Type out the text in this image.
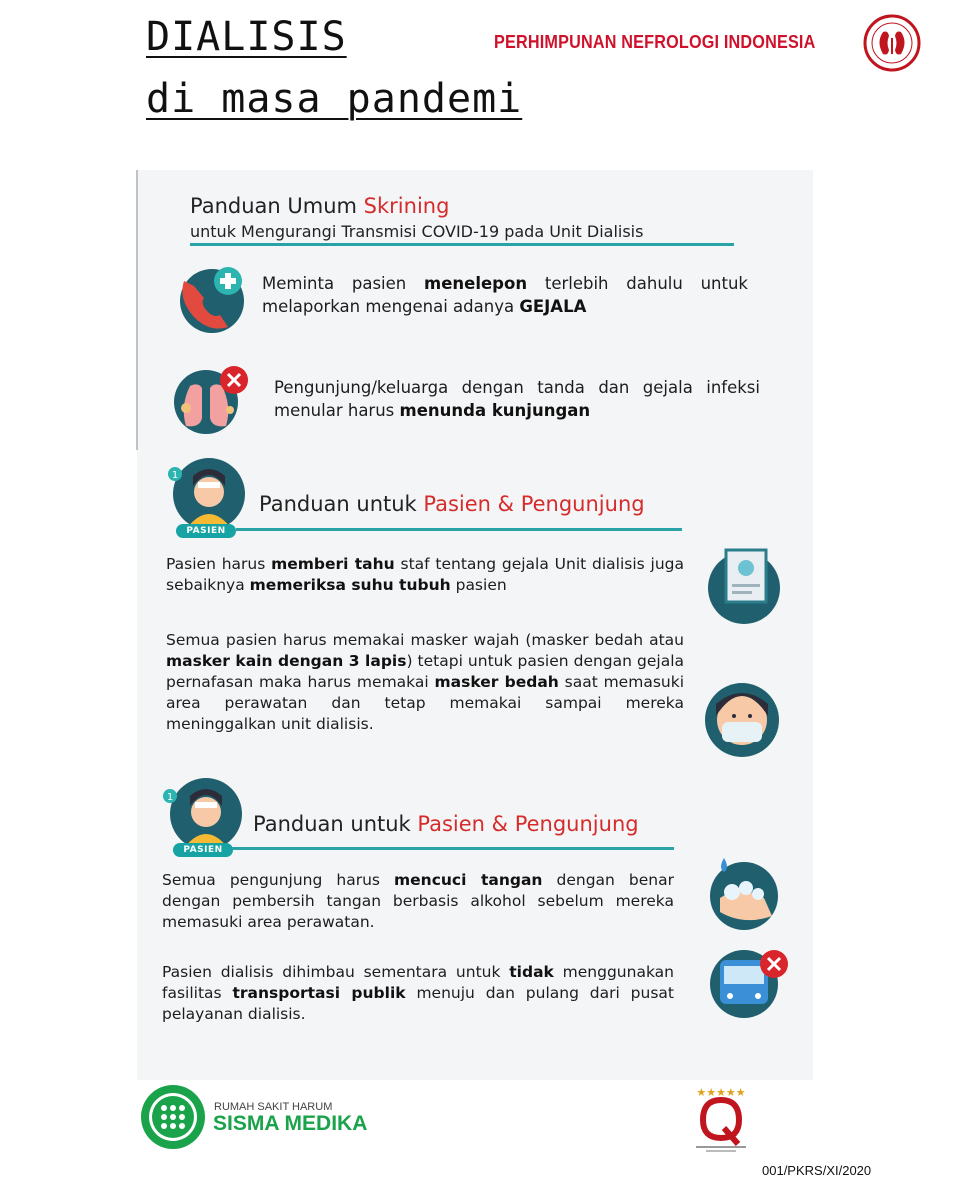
DIALISIS
di masa pandemi
PERHIMPUNAN NEFROLOGI INDONESIA
Panduan Umum Skrining
untuk Mengurangi Transmisi COVID-19 pada Unit Dialisis
Meminta pasien menelepon terlebih dahulu untuk melaporkan mengenai adanya GEJALA
Pengunjung/keluarga dengan tanda dan gejala infeksi menular harus menunda kunjungan
1
PASIEN
Panduan untuk Pasien & Pengunjung
Pasien harus memberi tahu staf tentang gejala Unit dialisis juga sebaiknya memeriksa suhu tubuh pasien
Semua pasien harus memakai masker wajah (masker bedah atau masker kain dengan 3 lapis) tetapi untuk pasien dengan gejala pernafasan maka harus memakai masker bedah saat memasuki area perawatan dan tetap memakai sampai mereka meninggalkan unit dialisis.
1
PASIEN
Panduan untuk Pasien & Pengunjung
Semua pengunjung harus mencuci tangan dengan benar dengan pembersih tangan berbasis alkohol sebelum mereka memasuki area perawatan.
Pasien dialisis dihimbau sementara untuk tidak menggunakan fasilitas transportasi publik menuju dan pulang dari pusat pelayanan dialisis.
RUMAH SAKIT HARUM
SISMA MEDIKA
★★★★★
001/PKRS/XI/2020
